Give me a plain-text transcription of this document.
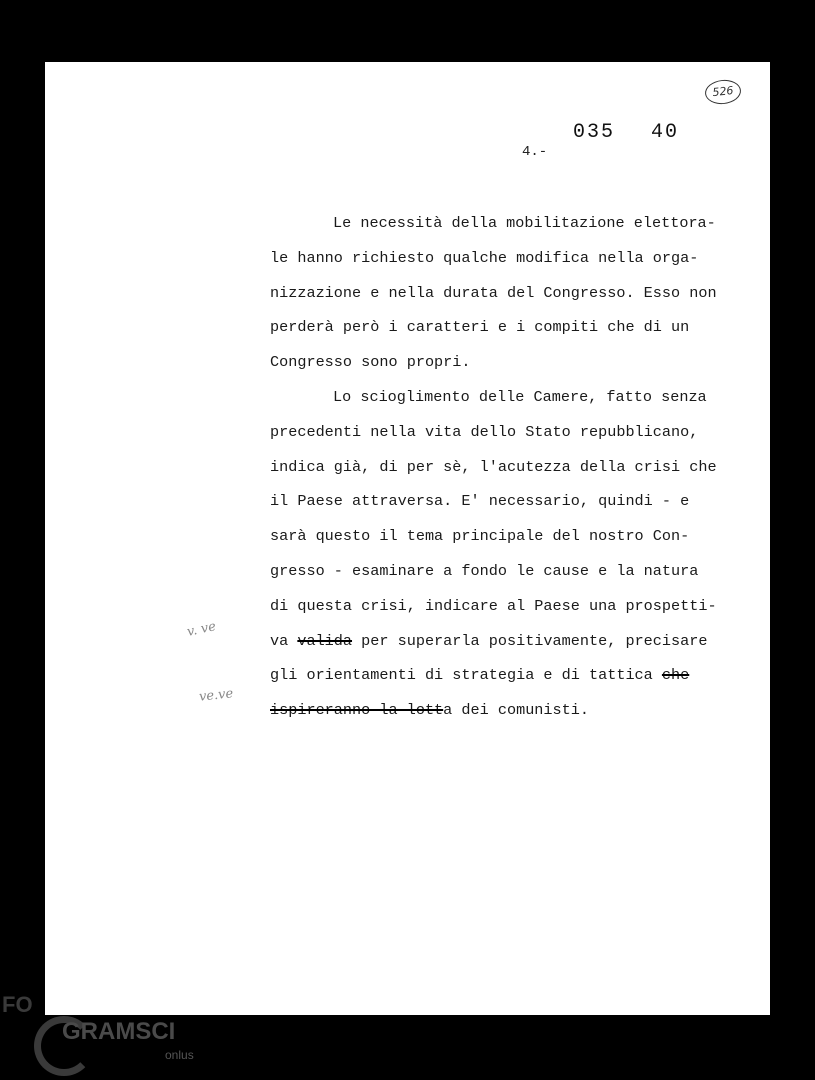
526
035 40
4.-
Le necessità della mobilitazione elettora-
le hanno richiesto qualche modifica nella orga-
nizzazione e nella durata del Congresso. Esso non
perderà però i caratteri e i compiti che di un
Congresso sono propri.
Lo scioglimento delle Camere, fatto senza
precedenti nella vita dello Stato repubblicano,
indica già, di per sè, l'acutezza della crisi che
il Paese attraversa. E' necessario, quindi - e
sarà questo il tema principale del nostro Con-
gresso - esaminare a fondo le cause e la natura
di questa crisi, indicare al Paese una prospetti-
va valida per superarla positivamente, precisare
gli orientamenti di strategia e di tattica che
ispireranno la lotta dei comunisti.
v. ve
ve.ve
FO
GRAMSCI
onlus
